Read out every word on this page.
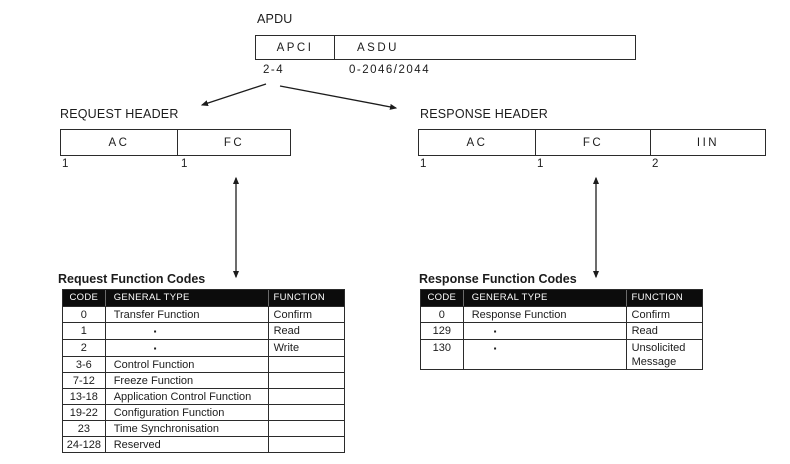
APDU
APCI	ASDU
2-4	0-2046/2044
REQUEST HEADER
AC	FC
1	1
RESPONSE HEADER
AC	FC	IIN
1	1	2
Request Function Codes
CODE	GENERAL TYPE	FUNCTION
0	Transfer Function	Confirm
1	▪	Read
2	▪	Write
3-6	Control Function
7-12	Freeze Function
13-18	Application Control Function
19-22	Configuration Function
23	Time Synchronisation
24-128	Reserved
Response Function Codes
CODE	GENERAL TYPE	FUNCTION
0	Response Function	Confirm
129	▪	Read
130	▪	Unsolicited Message
